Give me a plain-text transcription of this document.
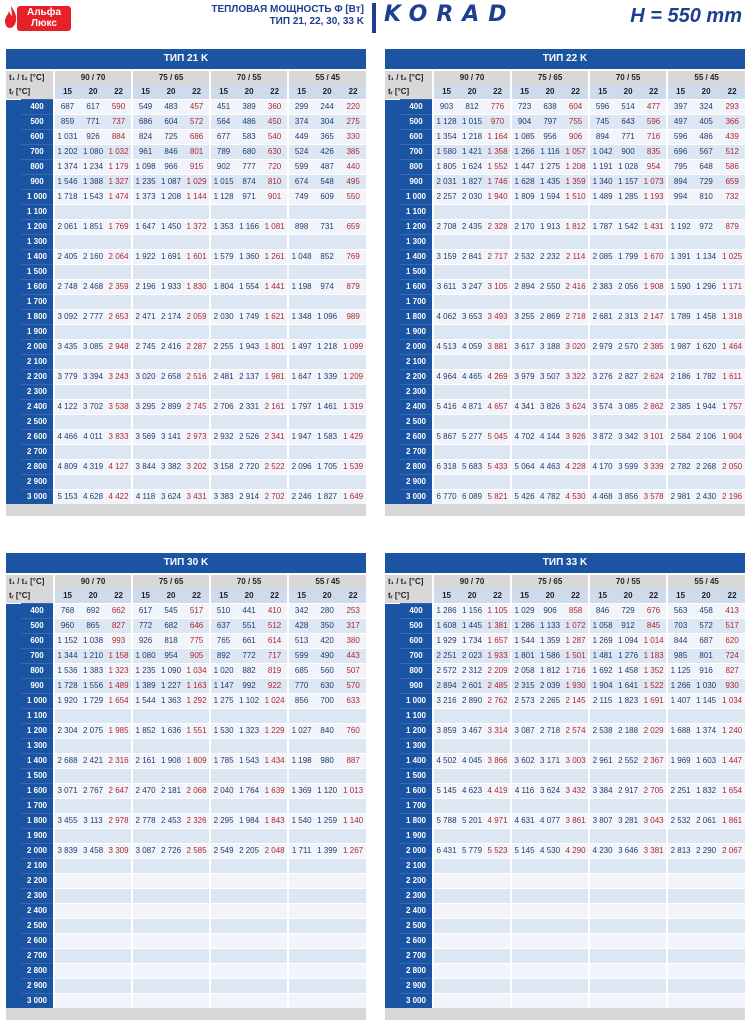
Альфа
Люкс
ТЕПЛОВАЯ МОЩНОСТЬ Φ [Вт]
ТИП 21, 22, 30, 33 K KORAD	H = 550 mm
ТИП 21 K
t₁ / t₂ [°C]		90 / 70			75 / 65			70 / 55			55 / 45		
tᵣ [°C]		15	20	22	15	20	22	15	20	22	15	20	22
	400	687	617	590	549	483	457	451	389	360	299	244	220
	500	859	771	737	686	604	572	564	486	450	374	304	275
	600	1 031	926	884	824	725	686	677	583	540	449	365	330
	700	1 202	1 080	1 032	961	846	801	789	680	630	524	426	385
	800	1 374	1 234	1 179	1 098	966	915	902	777	720	599	487	440
	900	1 546	1 388	1 327	1 235	1 087	1 029	1 015	874	810	674	548	495
	1 000	1 718	1 543	1 474	1 373	1 208	1 144	1 128	971	901	749	609	550
	1 100												
	1 200	2 061	1 851	1 769	1 647	1 450	1 372	1 353	1 166	1 081	898	731	659
	1 300												
	1 400	2 405	2 160	2 064	1 922	1 691	1 601	1 579	1 360	1 261	1 048	852	769
	1 500												
	1 600	2 748	2 468	2 359	2 196	1 933	1 830	1 804	1 554	1 441	1 198	974	879
	1 700												
	1 800	3 092	2 777	2 653	2 471	2 174	2 059	2 030	1 749	1 621	1 348	1 096	989
	1 900												
	2 000	3 435	3 085	2 948	2 745	2 416	2 287	2 255	1 943	1 801	1 497	1 218	1 099
	2 100												
	2 200	3 779	3 394	3 243	3 020	2 658	2 516	2 481	2 137	1 981	1 647	1 339	1 209
	2 300												
	2 400	4 122	3 702	3 538	3 295	2 899	2 745	2 706	2 331	2 161	1 797	1 461	1 319
	2 500												
	2 600	4 466	4 011	3 833	3 569	3 141	2 973	2 932	2 526	2 341	1 947	1 583	1 429
	2 700												
	2 800	4 809	4 319	4 127	3 844	3 382	3 202	3 158	2 720	2 522	2 096	1 705	1 539
	2 900												
	3 000	5 153	4 628	4 422	4 118	3 624	3 431	3 383	2 914	2 702	2 246	1 827	1 649

ТИП 22 K
t₁ / t₂ [°C]		90 / 70			75 / 65			70 / 55			55 / 45		
tᵣ [°C]		15	20	22	15	20	22	15	20	22	15	20	22
	400	903	812	776	723	638	604	596	514	477	397	324	293
	500	1 128	1 015	970	904	797	755	745	643	596	497	405	366
	600	1 354	1 218	1 164	1 085	956	906	894	771	716	596	486	439
	700	1 580	1 421	1 358	1 266	1 116	1 057	1 042	900	835	696	567	512
	800	1 805	1 624	1 552	1 447	1 275	1 208	1 191	1 028	954	795	648	586
	900	2 031	1 827	1 746	1 628	1 435	1 359	1 340	1 157	1 073	894	729	659
	1 000	2 257	2 030	1 940	1 809	1 594	1 510	1 489	1 285	1 193	994	810	732
	1 100												
	1 200	2 708	2 435	2 328	2 170	1 913	1 812	1 787	1 542	1 431	1 192	972	879
	1 300												
	1 400	3 159	2 841	2 717	2 532	2 232	2 114	2 085	1 799	1 670	1 391	1 134	1 025
	1 500												
	1 600	3 611	3 247	3 105	2 894	2 550	2 416	2 383	2 056	1 908	1 590	1 296	1 171
	1 700												
	1 800	4 062	3 653	3 493	3 255	2 869	2 718	2 681	2 313	2 147	1 789	1 458	1 318
	1 900												
	2 000	4 513	4 059	3 881	3 617	3 188	3 020	2 979	2 570	2 385	1 987	1 620	1 464
	2 100												
	2 200	4 964	4 465	4 269	3 979	3 507	3 322	3 276	2 827	2 624	2 186	1 782	1 611
	2 300												
	2 400	5 416	4 871	4 657	4 341	3 826	3 624	3 574	3 085	2 862	2 385	1 944	1 757
	2 500												
	2 600	5 867	5 277	5 045	4 702	4 144	3 926	3 872	3 342	3 101	2 584	2 106	1 904
	2 700												
	2 800	6 318	5 683	5 433	5 064	4 463	4 228	4 170	3 599	3 339	2 782	2 268	2 050
	2 900												
	3 000	6 770	6 089	5 821	5 426	4 782	4 530	4 468	3 856	3 578	2 981	2 430	2 196

ТИП 30 K
t₁ / t₂ [°C]		90 / 70			75 / 65			70 / 55			55 / 45		
tᵣ [°C]		15	20	22	15	20	22	15	20	22	15	20	22
	400	768	692	662	617	545	517	510	441	410	342	280	253
	500	960	865	827	772	682	646	637	551	512	428	350	317
	600	1 152	1 038	993	926	818	775	765	661	614	513	420	380
	700	1 344	1 210	1 158	1 080	954	905	892	772	717	599	490	443
	800	1 536	1 383	1 323	1 235	1 090	1 034	1 020	882	819	685	560	507
	900	1 728	1 556	1 489	1 389	1 227	1 163	1 147	992	922	770	630	570
	1 000	1 920	1 729	1 654	1 544	1 363	1 292	1 275	1 102	1 024	856	700	633
	1 100												
	1 200	2 304	2 075	1 985	1 852	1 636	1 551	1 530	1 323	1 229	1 027	840	760
	1 300												
	1 400	2 688	2 421	2 316	2 161	1 908	1 809	1 785	1 543	1 434	1 198	980	887
	1 500												
	1 600	3 071	2 767	2 647	2 470	2 181	2 068	2 040	1 764	1 639	1 369	1 120	1 013
	1 700												
	1 800	3 455	3 113	2 978	2 778	2 453	2 326	2 295	1 984	1 843	1 540	1 259	1 140
	1 900												
	2 000	3 839	3 458	3 309	3 087	2 726	2 585	2 549	2 205	2 048	1 711	1 399	1 267
	2 100												
	2 200												
	2 300												
	2 400												
	2 500												
	2 600												
	2 700												
	2 800												
	2 900												
	3 000												

ТИП 33 K
t₁ / t₂ [°C]		90 / 70			75 / 65			70 / 55			55 / 45		
tᵣ [°C]		15	20	22	15	20	22	15	20	22	15	20	22
	400	1 286	1 156	1 105	1 029	906	858	846	729	676	563	458	413
	500	1 608	1 445	1 381	1 286	1 133	1 072	1 058	912	845	703	572	517
	600	1 929	1 734	1 657	1 544	1 359	1 287	1 269	1 094	1 014	844	687	620
	700	2 251	2 023	1 933	1 801	1 586	1 501	1 481	1 276	1 183	985	801	724
	800	2 572	2 312	2 209	2 058	1 812	1 716	1 692	1 458	1 352	1 125	916	827
	900	2 894	2 601	2 485	2 315	2 039	1 930	1 904	1 641	1 522	1 266	1 030	930
	1 000	3 216	2 890	2 762	2 573	2 265	2 145	2 115	1 823	1 691	1 407	1 145	1 034
	1 100												
	1 200	3 859	3 467	3 314	3 087	2 718	2 574	2 538	2 188	2 029	1 688	1 374	1 240
	1 300												
	1 400	4 502	4 045	3 866	3 602	3 171	3 003	2 961	2 552	2 367	1 969	1 603	1 447
	1 500												
	1 600	5 145	4 623	4 419	4 116	3 624	3 432	3 384	2 917	2 705	2 251	1 832	1 654
	1 700												
	1 800	5 788	5 201	4 971	4 631	4 077	3 861	3 807	3 281	3 043	2 532	2 061	1 861
	1 900												
	2 000	6 431	5 779	5 523	5 145	4 530	4 290	4 230	3 646	3 381	2 813	2 290	2 067
	2 100												
	2 200												
	2 300												
	2 400												
	2 500												
	2 600												
	2 700												
	2 800												
	2 900												
	3 000												
